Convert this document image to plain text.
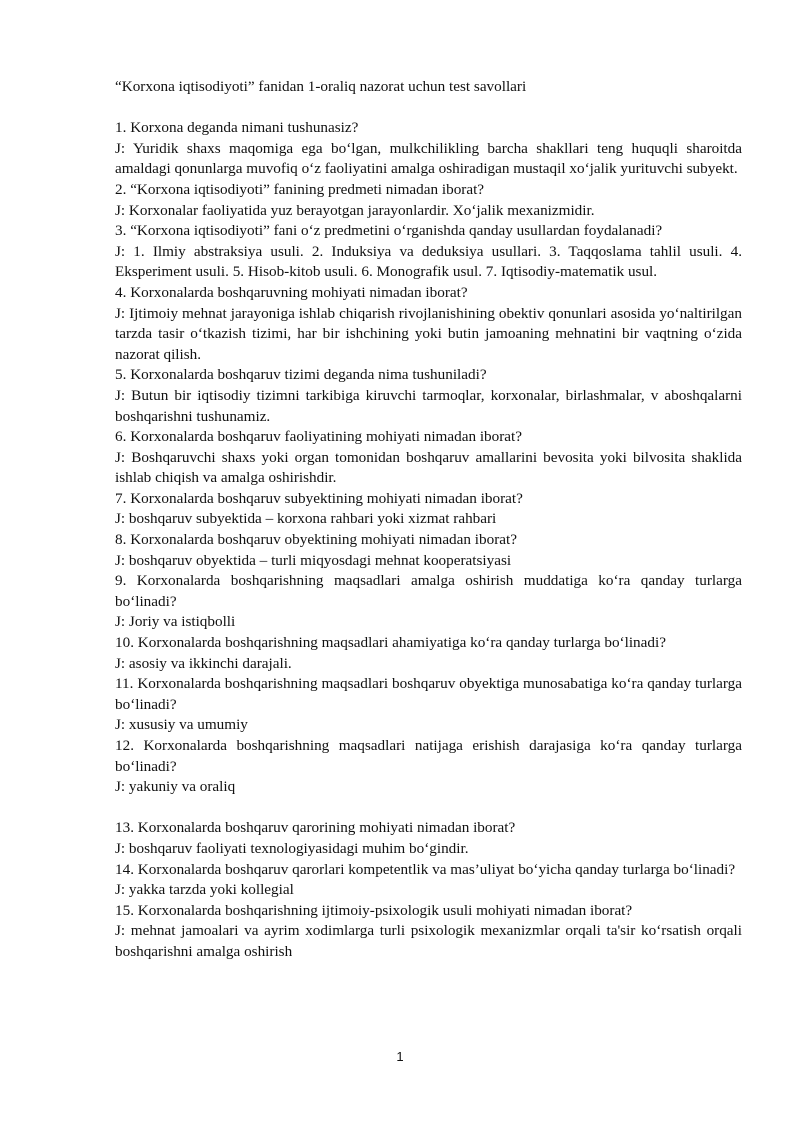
“Korxona iqtisodiyoti” fanidan 1-oraliq nazorat uchun test savollari

1. Korxona deganda nimani tushunasiz?

J: Yuridik shaxs maqomiga ega boʻlgan, mulkchilikling barcha shakllari teng huquqli sharoitda amaldagi qonunlarga muvofiq oʻz faoliyatini amalga oshiradigan mustaqil xoʻjalik yurituvchi subyekt.

2. “Korxona iqtisodiyoti” fanining predmeti nimadan iborat?

J: Korxonalar faoliyatida yuz berayotgan jarayonlardir. Xoʻjalik mexanizmidir.

3. “Korxona iqtisodiyoti” fani oʻz predmetini oʻrganishda qanday usullardan foydalanadi?

J: 1. Ilmiy abstraksiya usuli. 2. Induksiya va deduksiya usullari. 3. Taqqoslama tahlil usuli. 4. Eksperiment usuli. 5. Hisob-kitob usuli. 6. Monografik usul. 7. Iqtisodiy-matematik usul.

4. Korxonalarda boshqaruvning mohiyati nimadan iborat?

J: Ijtimoiy mehnat jarayoniga ishlab chiqarish rivojlanishining obektiv qonunlari asosida yoʻnaltirilgan tarzda tasir oʻtkazish tizimi, har bir ishchining yoki butin jamoaning mehnatini bir vaqtning oʻzida nazorat qilish.

5. Korxonalarda boshqaruv tizimi deganda nima tushuniladi?

J: Butun bir iqtisodiy tizimni tarkibiga kiruvchi tarmoqlar, korxonalar, birlashmalar, v aboshqalarni boshqarishni tushunamiz.

6. Korxonalarda boshqaruv faoliyatining mohiyati nimadan iborat?

J: Boshqaruvchi shaxs yoki organ tomonidan boshqaruv amallarini bevosita yoki bilvosita shaklida ishlab chiqish va amalga oshirishdir.

7. Korxonalarda boshqaruv subyektining mohiyati nimadan iborat?

J: boshqaruv subyektida – korxona rahbari yoki xizmat rahbari

8. Korxonalarda boshqaruv obyektining mohiyati nimadan iborat?

J: boshqaruv obyektida – turli miqyosdagi mehnat kooperatsiyasi

9. Korxonalarda boshqarishning maqsadlari amalga oshirish muddatiga koʻra qanday turlarga boʻlinadi?

J: Joriy va istiqbolli

10. Korxonalarda boshqarishning maqsadlari ahamiyatiga koʻra qanday turlarga boʻlinadi?

J: asosiy va ikkinchi darajali.

11. Korxonalarda boshqarishning maqsadlari boshqaruv obyektiga munosabatiga koʻra qanday turlarga boʻlinadi?

J: xususiy va umumiy

12. Korxonalarda boshqarishning maqsadlari natijaga erishish darajasiga koʻra qanday turlarga boʻlinadi?

J: yakuniy va oraliq

13. Korxonalarda boshqaruv qarorining mohiyati nimadan iborat?

J: boshqaruv faoliyati texnologiyasidagi muhim boʻgindir.

14. Korxonalarda boshqaruv qarorlari kompetentlik va mas’uliyat boʻyicha qanday turlarga boʻlinadi?

J: yakka tarzda yoki kollegial

15. Korxonalarda boshqarishning ijtimoiy-psixologik usuli mohiyati nimadan iborat?

J: mehnat jamoalari va ayrim xodimlarga turli psixologik mexanizmlar orqali ta'sir koʻrsatish orqali boshqarishni amalga oshirish

1
